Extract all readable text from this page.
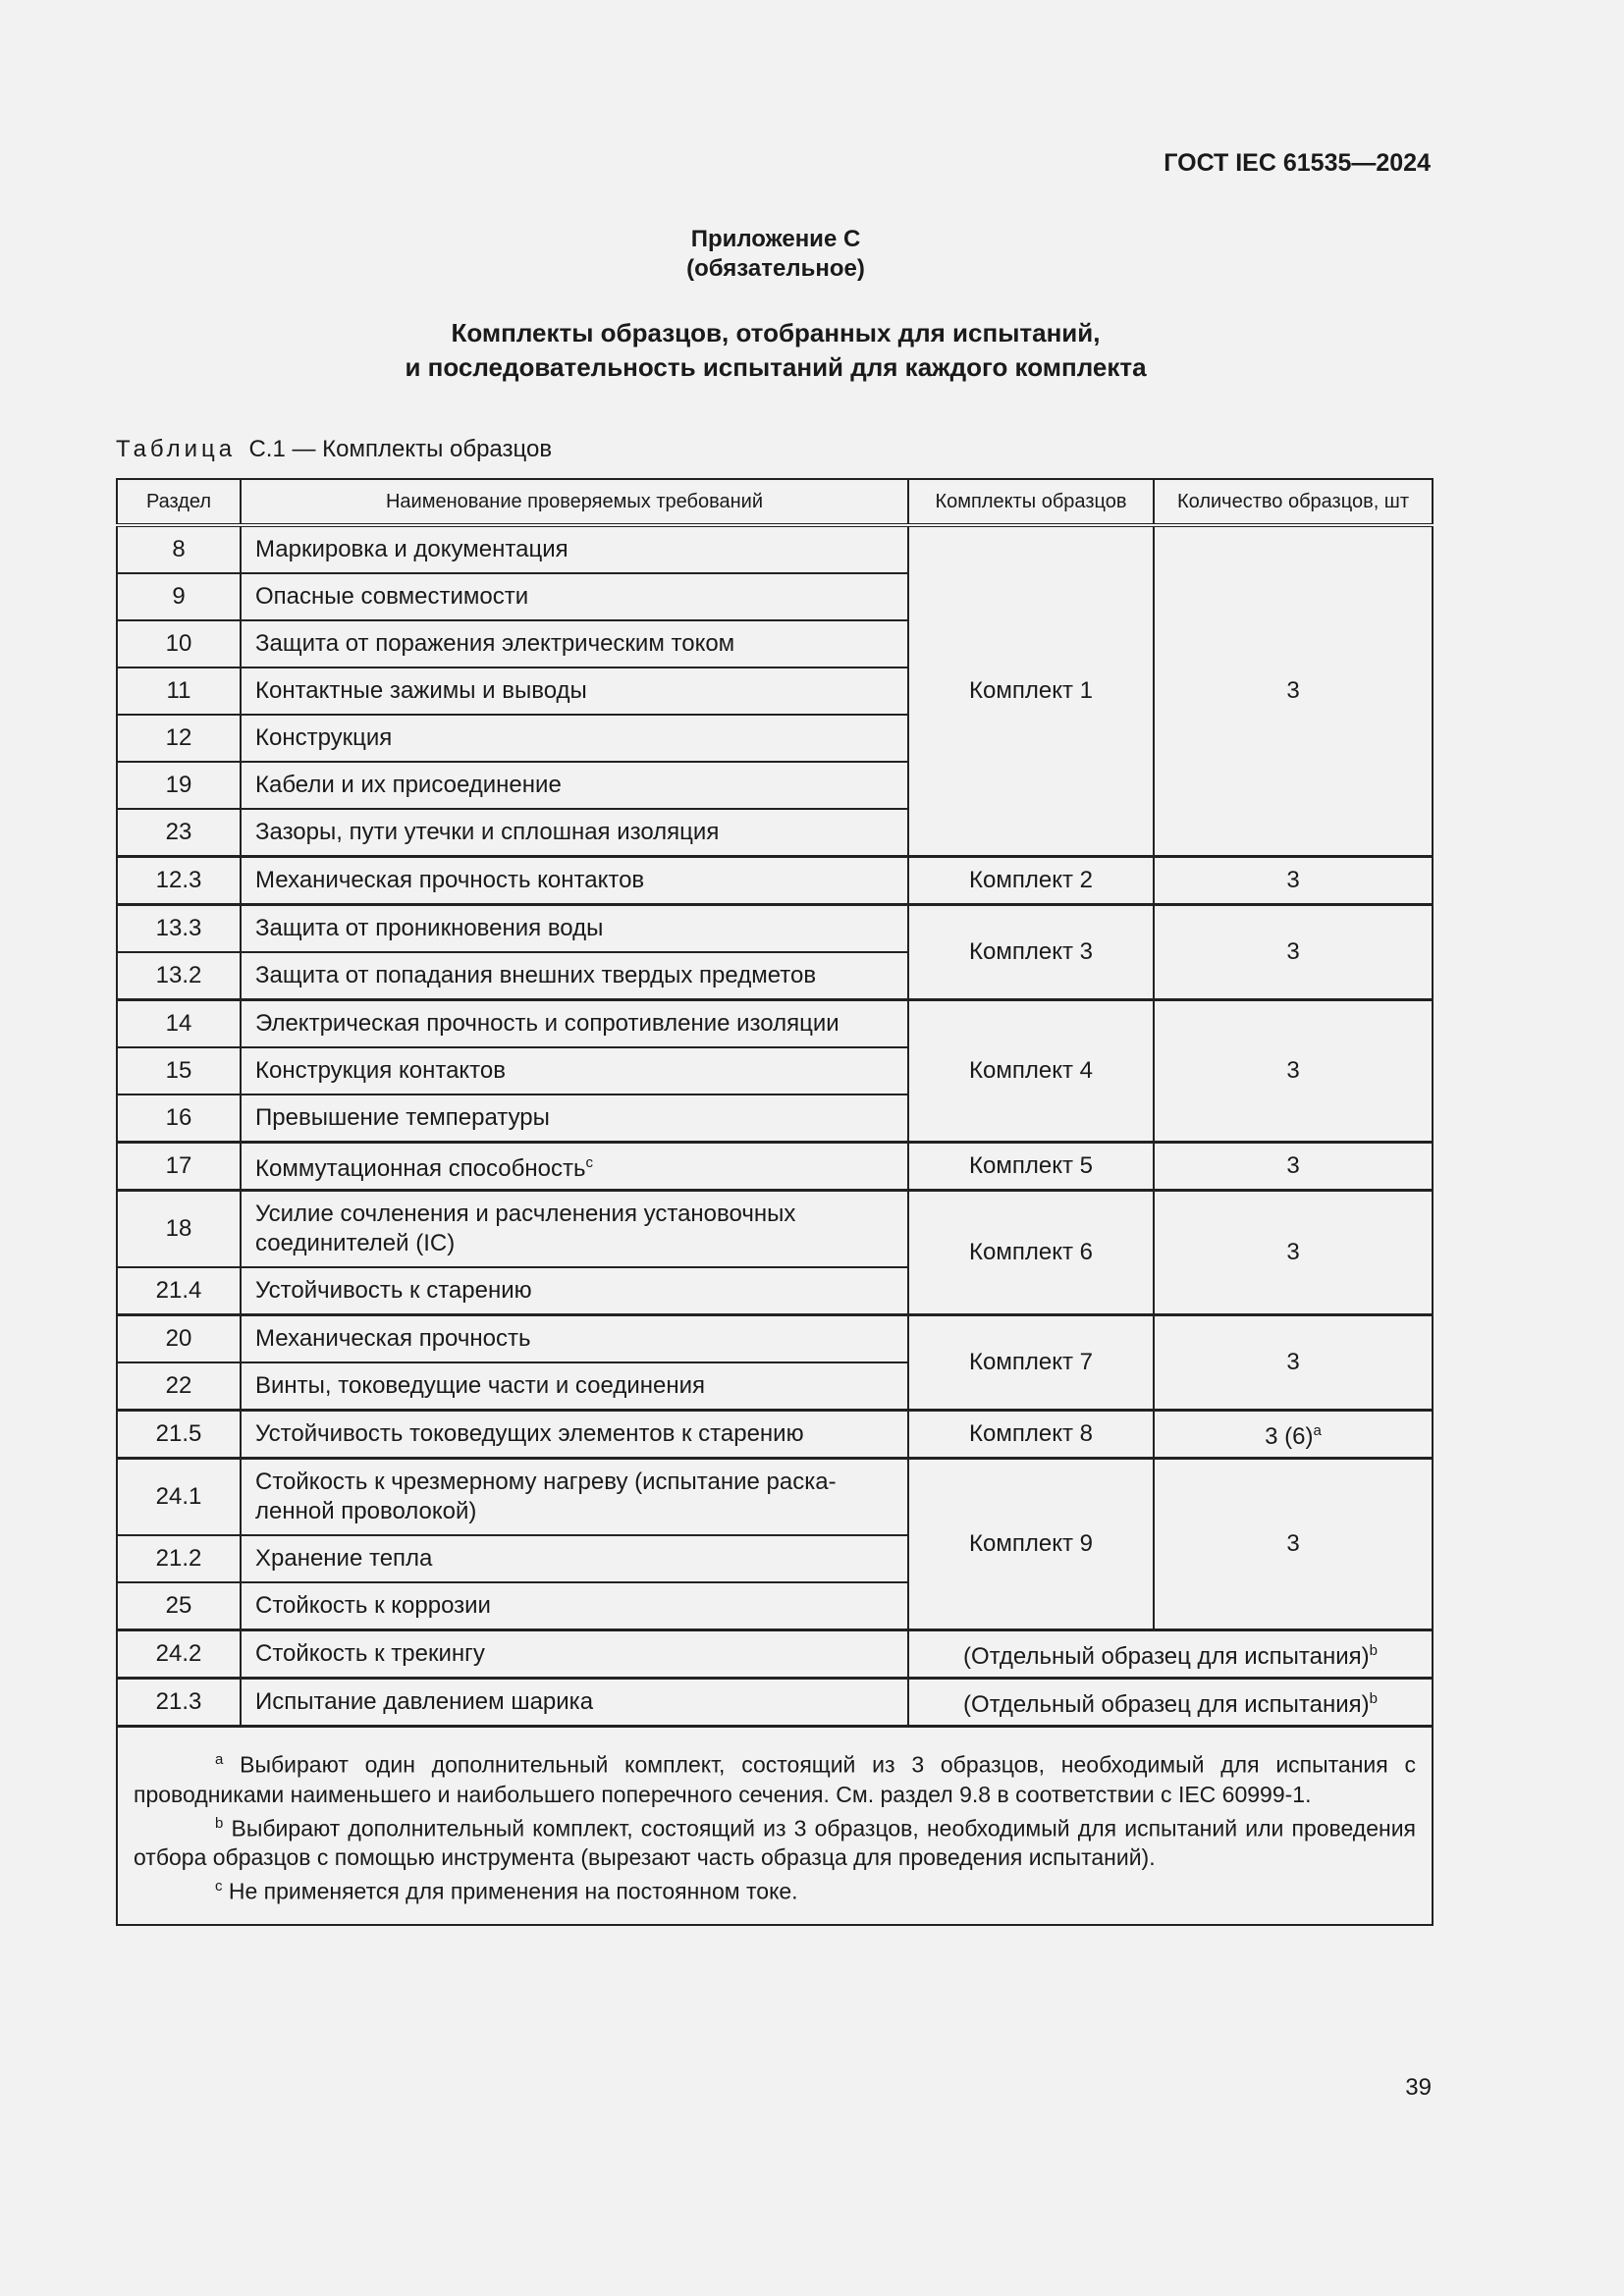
ГОСТ IEC 61535—2024
Приложение С
(обязательное)
Комплекты образцов, отобранных для испытаний,
и последовательность испытаний для каждого комплекта
Таблица С.1 — Комплекты образцов
Раздел	Наименование проверяемых требований	Комплекты образцов	Количество образцов, шт
8	Маркировка и документация	Комплект 1	3
9	Опасные совместимости		
10	Защита от поражения электрическим током		
11	Контактные зажимы и выводы		
12	Конструкция		
19	Кабели и их присоединение		
23	Зазоры, пути утечки и сплошная изоляция		
12.3	Механическая прочность контактов	Комплект 2	3
13.3	Защита от проникновения воды	Комплект 3	3
13.2	Защита от попадания внешних твердых предметов		
14	Электрическая прочность и сопротивление изоляции	Комплект 4	3
15	Конструкция контактов		
16	Превышение температуры		
17	Коммутационная способность$^c$	Комплект 5	3
18	Усилие сочленения и расчленения установочных соединителей (IC)	Комплект 6	3
21.4	Устойчивость к старению		
20	Механическая прочность	Комплект 7	3
22	Винты, токоведущие части и соединения		
21.5	Устойчивость токоведущих элементов к старению	Комплект 8	3 $(6)^a$
24.1	Стойкость к чрезмерному нагреву (испытание раска-ленной проволокой)	Комплект 9	3
21.2	Хранение тепла		
25	Стойкость к коррозии		
24.2	Стойкость к трекингу	(Отдельный образец для испытания)$^b$
21.3	Испытание давлением шарика	(Отдельный образец для испытания)$^b$

$^a$ Выбирают один дополнительный комплект, состоящий из 3 образцов, необходимый для испытания с проводниками наименьшего и наибольшего поперечного сечения. См. раздел 9.8 в соответствии с IEC 60999-1.

$^b$ Выбирают дополнительный комплект, состоящий из 3 образцов, необходимый для испытаний или проведения отбора образцов с помощью инструмента (вырезают часть образца для проведения испытаний).

$^c$ Не применяется для применения на постоянном токе.			

39
